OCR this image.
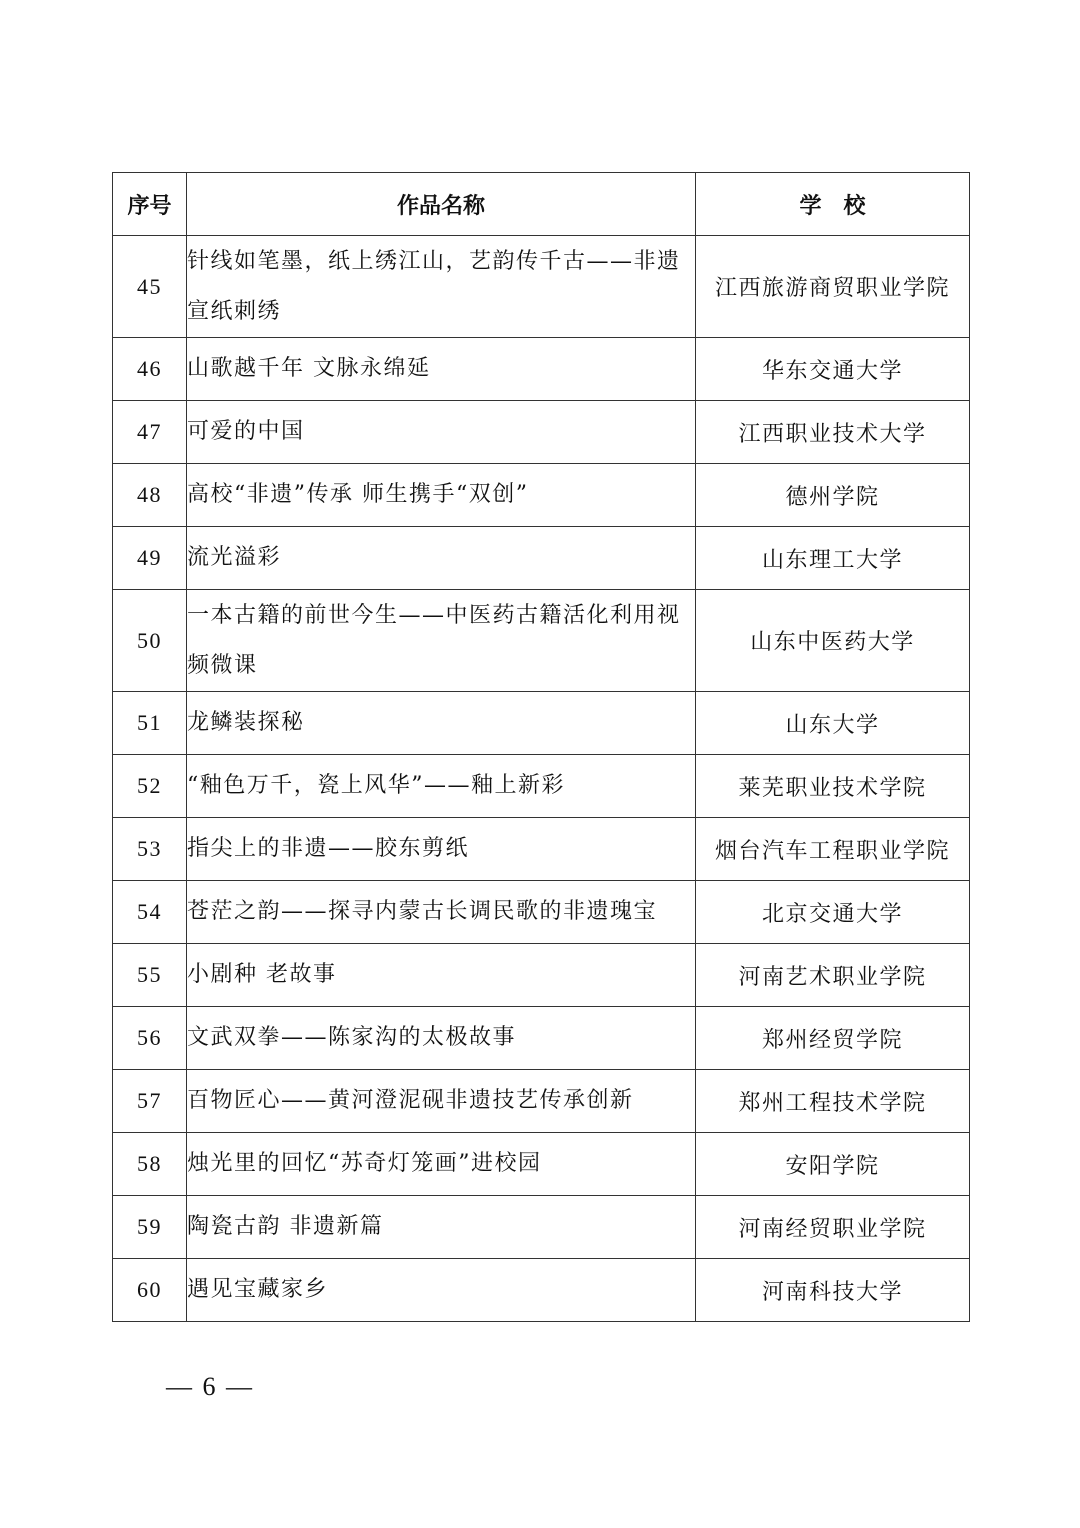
序号	作品名称	学　校
45	针线如笔墨，纸上绣江山，艺韵传千古——非遗宣纸刺绣	江西旅游商贸职业学院
46	山歌越千年 文脉永绵延	华东交通大学
47	可爱的中国	江西职业技术大学
48	高校“非遗”传承 师生携手“双创”	德州学院
49	流光溢彩	山东理工大学
50	一本古籍的前世今生——中医药古籍活化利用视频微课	山东中医药大学
51	龙鳞装探秘	山东大学
52	“釉色万千，瓷上风华”——釉上新彩	莱芜职业技术学院
53	指尖上的非遗——胶东剪纸	烟台汽车工程职业学院
54	苍茫之韵——探寻内蒙古长调民歌的非遗瑰宝	北京交通大学
55	小剧种 老故事	河南艺术职业学院
56	文武双拳——陈家沟的太极故事	郑州经贸学院
57	百物匠心——黄河澄泥砚非遗技艺传承创新	郑州工程技术学院
58	烛光里的回忆“苏奇灯笼画”进校园	安阳学院
59	陶瓷古韵 非遗新篇	河南经贸职业学院
60	遇见宝藏家乡	河南科技大学
— 6 —
